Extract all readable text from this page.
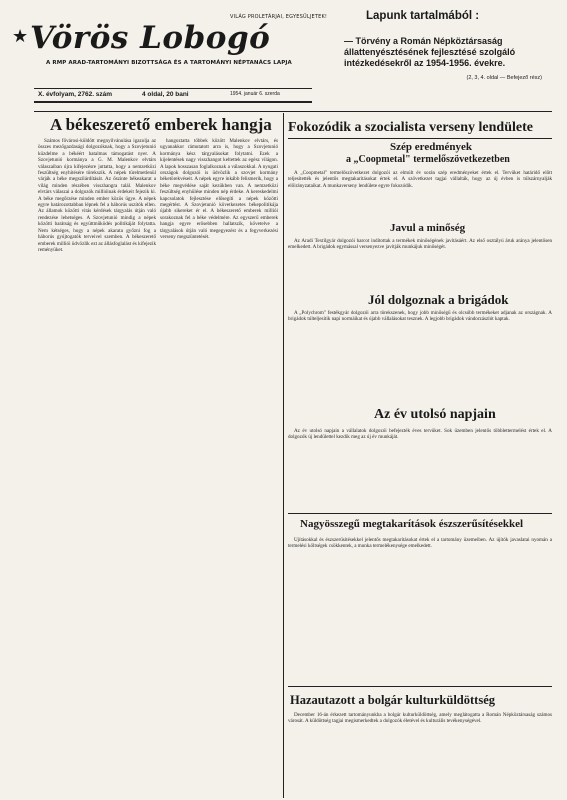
★
VILÁG PROLETÁRJAI, EGYESÜLJETEK!
Vörös Lobogó
A RMP ARAD-TARTOMÁNYI BIZOTTSÁGA ÉS A TARTOMÁNYI NÉPTANÁCS LAPJA
Lapunk tartalmából :
— Törvény a Román Népköztársaság állattenyésztésének fejlesztésé szolgáló intézkedésekről az 1954-1956. évekre.
(2, 3, 4. oldal — Befejező rész)
X. évfolyam, 2762. szám	4 oldal, 20 bani	1954. január 6. szerda
A békeszerető emberek hangja

Számos fővárosi-küldött megnyilvánulása igazolja az összes mezőgazdasági dolgozóknak, hogy a Szovjetunió küzdelme a békéért hatalmas támogatást nyer. A Szovjetunió kormánya a G. M. Malenkov elvtárs válaszaiban újra kifejezésre juttatta, hogy a nemzetközi feszültség enyhítésére törekszik. A népek türelmetlenül várják a béke megszilárdítását. Az őszinte békeakarat a világ minden részében visszhangra talál. Malenkov elvtárs válaszai a dolgozók millióinak érdekeit fejezik ki. A béke megőrzése minden ember közös ügye. A népek egyre határozottabban lépnek fel a háborús uszítók ellen. Az államok közötti vitás kérdések tárgyalás útján való rendezése lehetséges. A Szovjetunió mindig a népek közötti barátság és együttműködés politikáját folytatta. Nem kétséges, hogy a népek akarata győzni fog a háborús gyújtogatók terveivel szemben. A békeszerető emberek milliói üdvözlik ezt az állásfoglalást és kifejezik reményüket.

hangoztatta többek között Malenkov elvtárs, és ugyanakkor rámutatott arra is, hogy a Szovjetunió kormánya kész tárgyalásokat folytatni. Ezek a kijelentések nagy visszhangot keltettek az egész világon. A lapok hosszasan foglalkoznak a válaszokkal. A nyugati országok dolgozói is üdvözlik a szovjet kormány béketörekvéseit. A népek egyre inkább felismerik, hogy a béke megvédése saját kezükben van. A nemzetközi feszültség enyhülése minden nép érdeke. A kereskedelmi kapcsolatok fejlesztése elősegíti a népek közötti megértést. A Szovjetunió következetes békepolitikája újabb sikereket ér el. A békeszerető emberek milliói sorakoznak fel a béke védelmére. Az egyszerű emberek hangja egyre erősebben hallatszik, követelve a tárgyalások útján való megegyezést és a fegyverkezési verseny megszüntetését.

Fokozódik a szocialista verseny lendülete
Szép eredmények
a „Coopmetal" termelőszövetkezetben

A „Coopmetal" termelőszövetkezet dolgozói az elmúlt év során szép eredményeket értek el. Tervüket határidő előtt teljesítették és jelentős megtakarításokat értek el. A szövetkezet tagjai vállalták, hogy az új évben is túlszárnyalják előirányzataikat. A munkaverseny lendülete egyre fokozódik.

Javul a minőség

Az Aradi Textilgyár dolgozói harcot indítottak a termékek minőségének javításáért. Az első osztályú áruk aránya jelentősen emelkedett. A brigádok egymással versenyezve javítják munkájuk minőségét.

Jól dolgoznak a brigádok

A „Polychrom" festékgyár dolgozói arra törekszenek, hogy jobb minőségű és olcsóbb termékeket adjanak az országnak. A brigádok túlteljesítik napi normáikat és újabb vállalásokat tesznek. A legjobb brigádok vándorzászlót kaptak.

Az év utolsó napjain

Az év utolsó napjain a vállalatok dolgozói befejezték éves tervüket. Sok üzemben jelentős többlettermelést értek el. A dolgozók új lendülettel kezdik meg az új év munkáját.

Nagyösszegű megtakarítások észszerűsítésekkel

Újításokkal és észszerűsítésekkel jelentős megtakarításokat értek el a tartomány üzemeiben. Az újítók javaslatai nyomán a termelési költségek csökkentek, a munka termelékenysége emelkedett.

Hazautazott a bolgár kulturküldöttség

December 16-án érkezett tartományunkba a bolgár kulturküldöttség, amely meglátogatta a Román Népköztársaság számos városát. A küldöttség tagjai megismerkedtek a dolgozók életével és kulturális tevékenységével.
